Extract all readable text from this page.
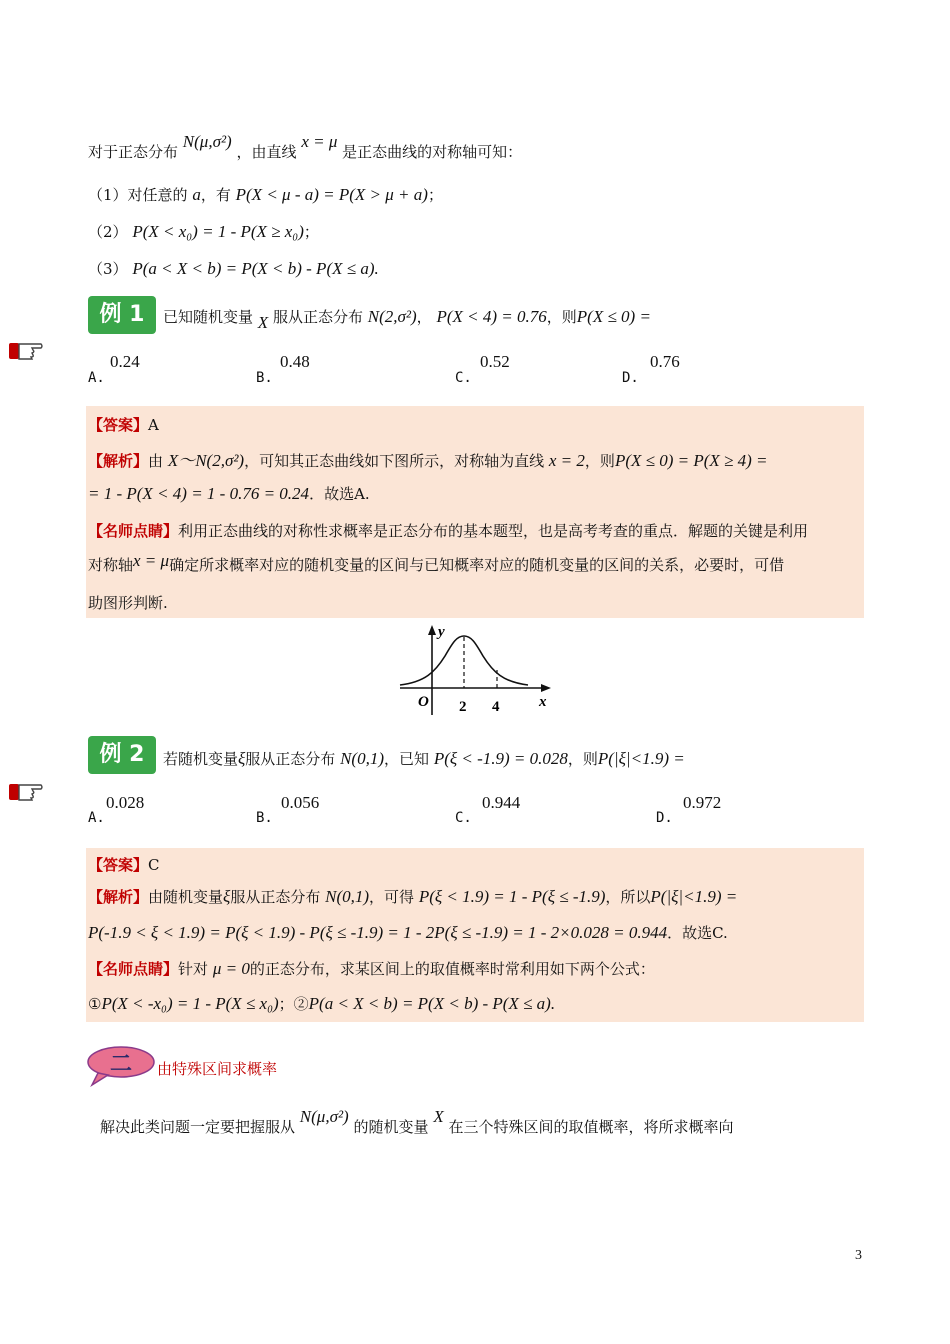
对于正态分布 N(μ,σ²) ，由直线 x = μ 是正态曲线的对称轴可知：
（1）对任意的 a，有 P(X < μ - a) = P(X > μ + a)；
（2） P(X < x₀) = 1 - P(X ≥ x₀)；
（3） P(a < X < b) = P(X < b) - P(X ≤ a).
例 1	已知随机变量 X 服从正态分布 N(2,σ²)， P(X < 4) = 0.76，则P(X ≤ 0) =
A.
0.24
B.
0.48
C.
0.52
D.
0.76
【答案】A
【解析】由 X～N(2,σ²)，可知其正态曲线如下图所示，对称轴为直线 x = 2，则P(X ≤ 0) = P(X ≥ 4) =
= 1 - P(X < 4) = 1 - 0.76 = 0.24．故选A.
【名师点睛】利用正态曲线的对称性求概率是正态分布的基本题型，也是高考考查的重点．解题的关键是利用
对称轴x = μ确定所求概率对应的随机变量的区间与已知概率对应的随机变量的区间的关系，必要时，可借
助图形判断.
y
O 2 4	x
例 2	若随机变量ξ服从正态分布 N(0,1)，已知 P(ξ < -1.9) = 0.028，则P(|ξ|<1.9) =
A.
0.028
B.
0.056
C.
0.944
D.
0.972
【答案】C
【解析】由随机变量ξ服从正态分布 N(0,1)，可得 P(ξ < 1.9) = 1 - P(ξ ≤ -1.9)，所以P(|ξ|<1.9) =
P(-1.9 < ξ < 1.9) = P(ξ < 1.9) - P(ξ ≤ -1.9) = 1 - 2P(ξ ≤ -1.9) = 1 - 2×0.028 = 0.944．故选C.
【名师点睛】针对 μ = 0的正态分布，求某区间上的取值概率时常利用如下两个公式：
①P(X < -x₀) = 1 - P(X ≤ x₀)；②P(a < X < b) = P(X < b) - P(X ≤ a).
二 由特殊区间求概率
解决此类问题一定要把握服从 N(μ,σ²) 的随机变量 X 在三个特殊区间的取值概率，将所求概率向
3
